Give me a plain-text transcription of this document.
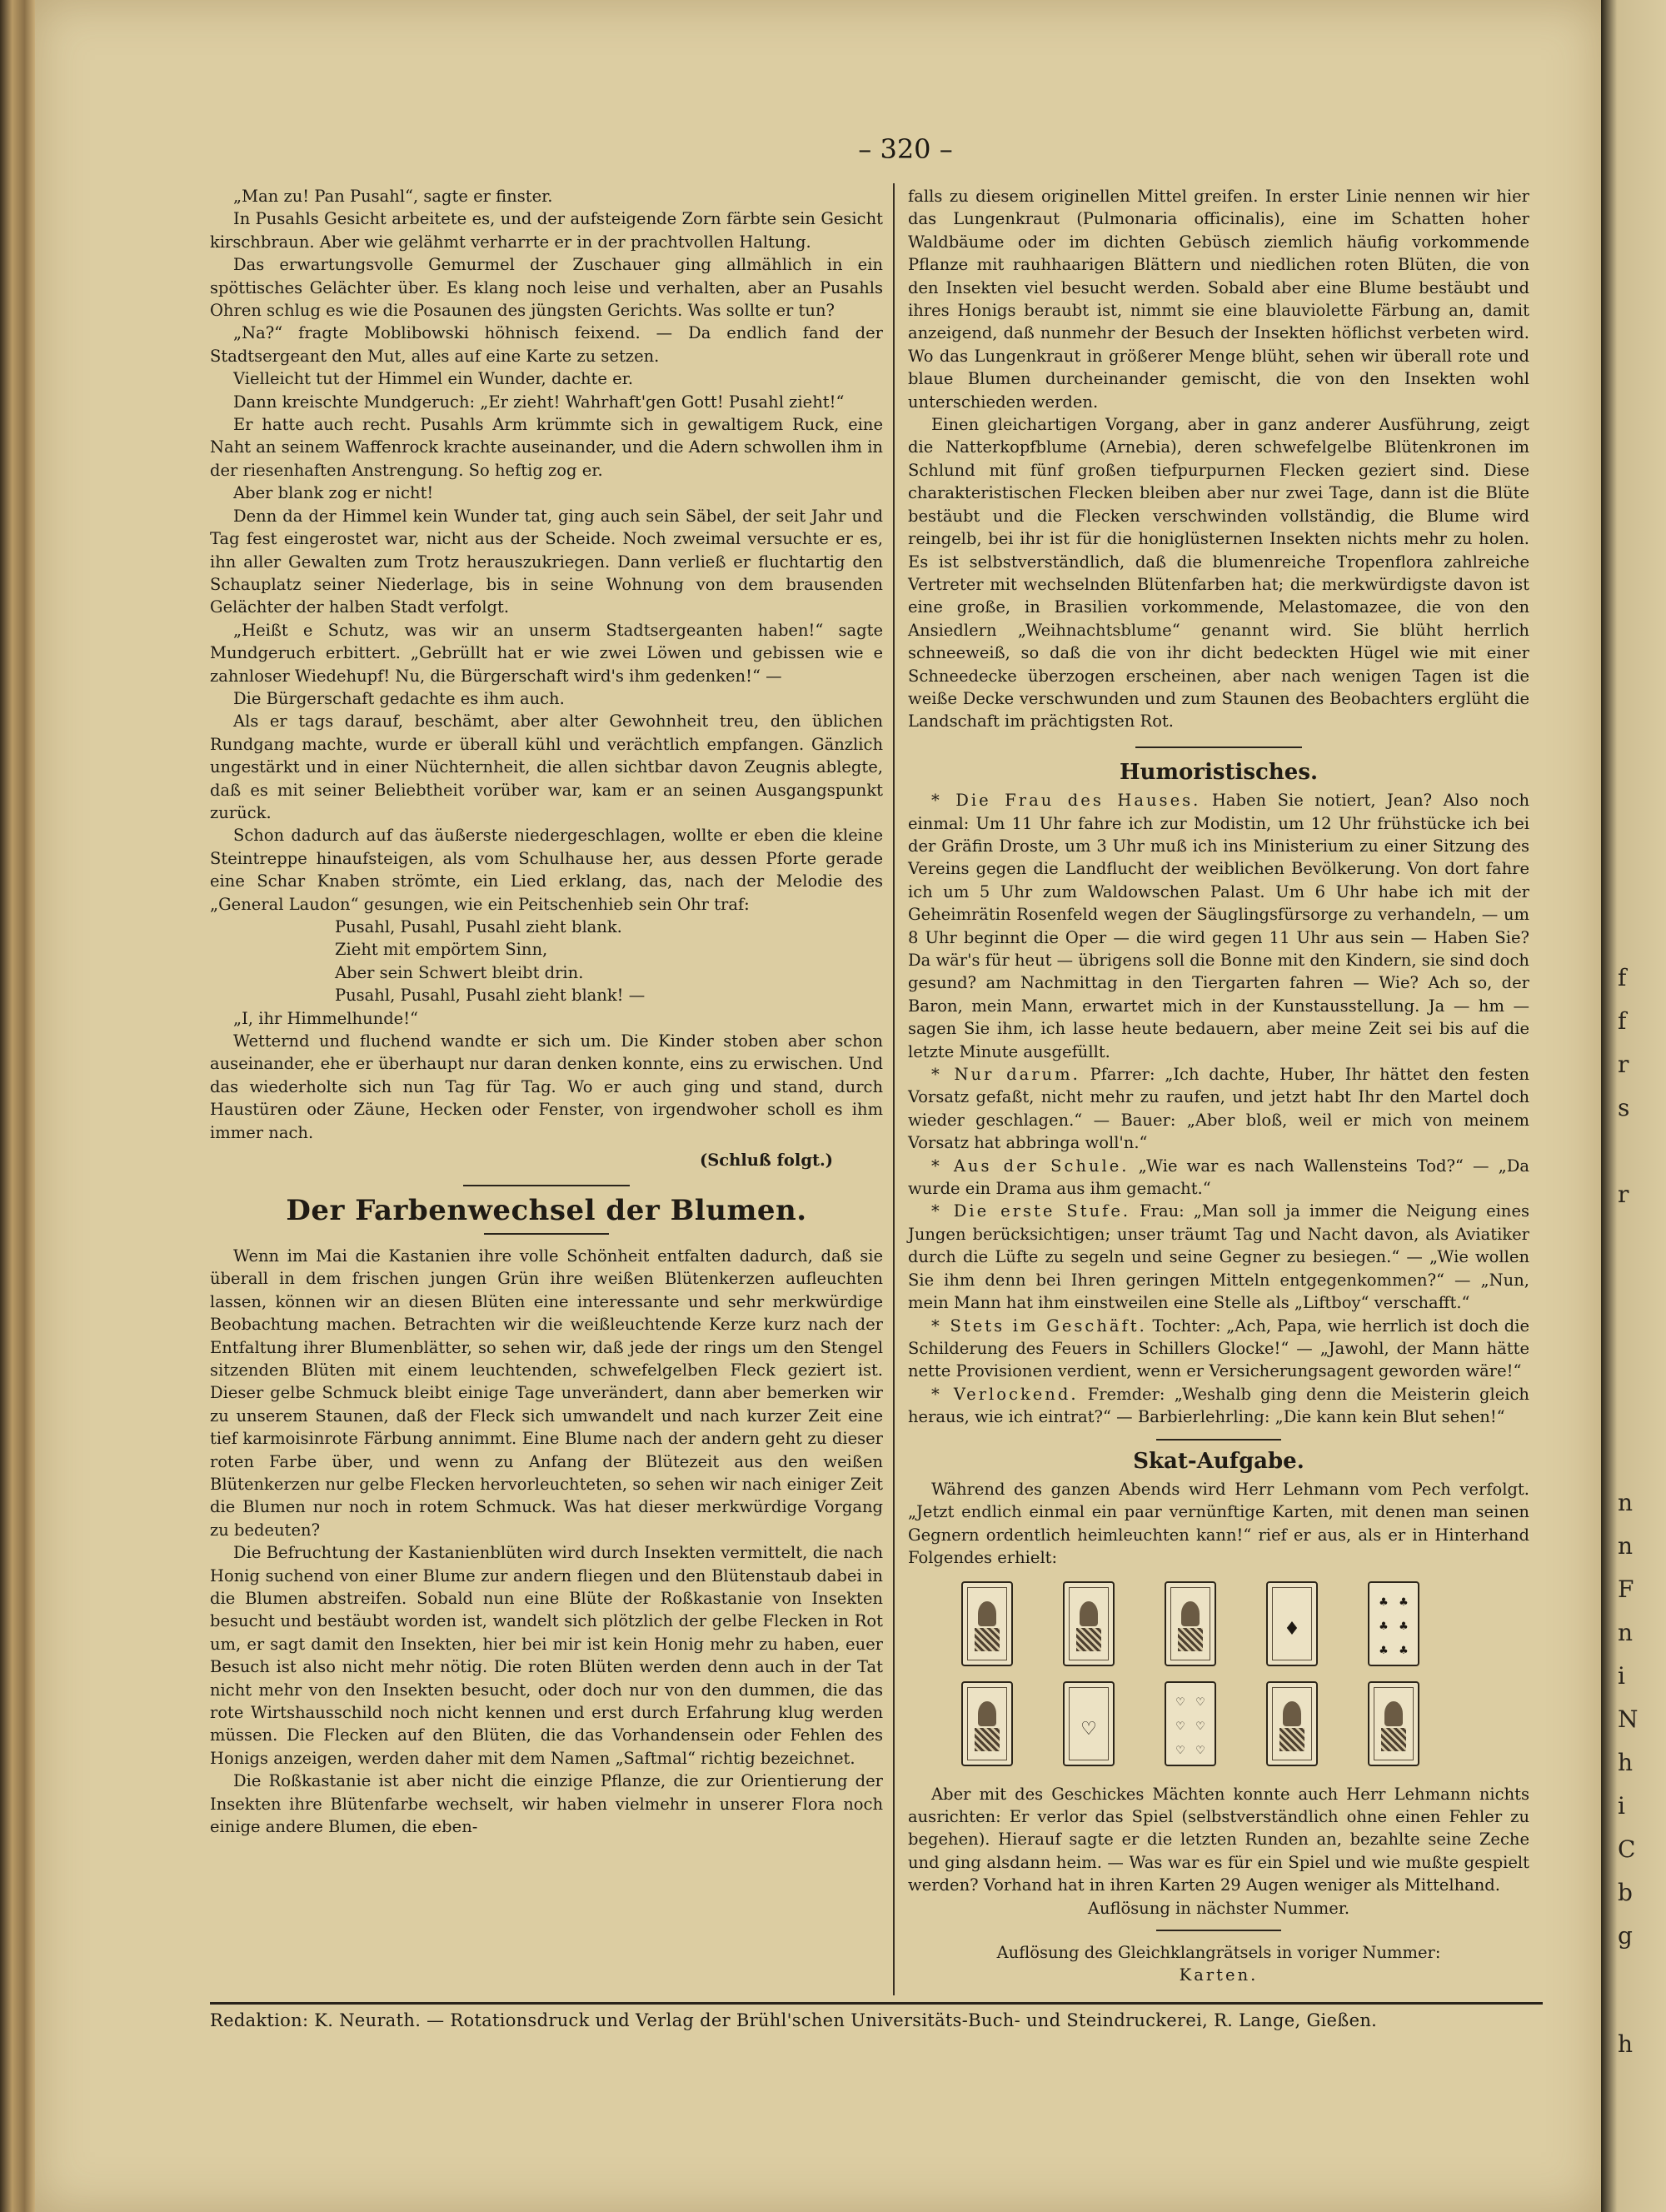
– 320 –

„Man zu! Pan Pusahl“, sagte er finster.

In Pusahls Gesicht arbeitete es, und der aufsteigende Zorn färbte sein Gesicht kirschbraun. Aber wie gelähmt verharrte er in der prachtvollen Haltung.

Das erwartungsvolle Gemurmel der Zuschauer ging allmählich in ein spöttisches Gelächter über. Es klang noch leise und verhalten, aber an Pusahls Ohren schlug es wie die Posaunen des jüngsten Gerichts. Was sollte er tun?

„Na?“ fragte Moblibowski höhnisch feixend. — Da endlich fand der Stadtsergeant den Mut, alles auf eine Karte zu setzen.

Vielleicht tut der Himmel ein Wunder, dachte er.

Dann kreischte Mundgeruch: „Er zieht! Wahrhaft'gen Gott! Pusahl zieht!“

Er hatte auch recht. Pusahls Arm krümmte sich in gewaltigem Ruck, eine Naht an seinem Waffenrock krachte auseinander, und die Adern schwollen ihm in der riesenhaften Anstrengung. So heftig zog er.

Aber blank zog er nicht!

Denn da der Himmel kein Wunder tat, ging auch sein Säbel, der seit Jahr und Tag fest eingerostet war, nicht aus der Scheide. Noch zweimal versuchte er es, ihn aller Gewalten zum Trotz herauszukriegen. Dann verließ er fluchtartig den Schauplatz seiner Niederlage, bis in seine Wohnung von dem brausenden Gelächter der halben Stadt verfolgt.

„Heißt e Schutz, was wir an unserm Stadtsergeanten haben!“ sagte Mundgeruch erbittert. „Gebrüllt hat er wie zwei Löwen und gebissen wie e zahnloser Wiedehupf! Nu, die Bürgerschaft wird's ihm gedenken!“ —

Die Bürgerschaft gedachte es ihm auch.

Als er tags darauf, beschämt, aber alter Gewohnheit treu, den üblichen Rundgang machte, wurde er überall kühl und verächtlich empfangen. Gänzlich ungestärkt und in einer Nüchternheit, die allen sichtbar davon Zeugnis ablegte, daß es mit seiner Beliebtheit vorüber war, kam er an seinen Ausgangspunkt zurück.

Schon dadurch auf das äußerste niedergeschlagen, wollte er eben die kleine Steintreppe hinaufsteigen, als vom Schulhause her, aus dessen Pforte gerade eine Schar Knaben strömte, ein Lied erklang, das, nach der Melodie des „General Laudon“ gesungen, wie ein Peitschenhieb sein Ohr traf:

Pusahl, Pusahl, Pusahl zieht blank.
Zieht mit empörtem Sinn,
Aber sein Schwert bleibt drin.
Pusahl, Pusahl, Pusahl zieht blank! —

„I, ihr Himmelhunde!“

Wetternd und fluchend wandte er sich um. Die Kinder stoben aber schon auseinander, ehe er überhaupt nur daran denken konnte, eins zu erwischen. Und das wiederholte sich nun Tag für Tag. Wo er auch ging und stand, durch Haustüren oder Zäune, Hecken oder Fenster, von irgendwoher scholl es ihm immer nach.

(Schluß folgt.)

Der Farbenwechsel der Blumen.

Wenn im Mai die Kastanien ihre volle Schönheit entfalten dadurch, daß sie überall in dem frischen jungen Grün ihre weißen Blütenkerzen aufleuchten lassen, können wir an diesen Blüten eine interessante und sehr merkwürdige Beobachtung machen. Betrachten wir die weißleuchtende Kerze kurz nach der Entfaltung ihrer Blumenblätter, so sehen wir, daß jede der rings um den Stengel sitzenden Blüten mit einem leuchtenden, schwefelgelben Fleck geziert ist. Dieser gelbe Schmuck bleibt einige Tage unverändert, dann aber bemerken wir zu unserem Staunen, daß der Fleck sich umwandelt und nach kurzer Zeit eine tief karmoisinrote Färbung annimmt. Eine Blume nach der andern geht zu dieser roten Farbe über, und wenn zu Anfang der Blütezeit aus den weißen Blütenkerzen nur gelbe Flecken hervorleuchteten, so sehen wir nach einiger Zeit die Blumen nur noch in rotem Schmuck. Was hat dieser merkwürdige Vorgang zu bedeuten?

Die Befruchtung der Kastanienblüten wird durch Insekten vermittelt, die nach Honig suchend von einer Blume zur andern fliegen und den Blütenstaub dabei in die Blumen abstreifen. Sobald nun eine Blüte der Roßkastanie von Insekten besucht und bestäubt worden ist, wandelt sich plötzlich der gelbe Flecken in Rot um, er sagt damit den Insekten, hier bei mir ist kein Honig mehr zu haben, euer Besuch ist also nicht mehr nötig. Die roten Blüten werden denn auch in der Tat nicht mehr von den Insekten besucht, oder doch nur von den dummen, die das rote Wirtshausschild noch nicht kennen und erst durch Erfahrung klug werden müssen. Die Flecken auf den Blüten, die das Vorhandensein oder Fehlen des Honigs anzeigen, werden daher mit dem Namen „Saftmal“ richtig bezeichnet.

Die Roßkastanie ist aber nicht die einzige Pflanze, die zur Orientierung der Insekten ihre Blütenfarbe wechselt, wir haben vielmehr in unserer Flora noch einige andere Blumen, die eben-

falls zu diesem originellen Mittel greifen. In erster Linie nennen wir hier das Lungenkraut (Pulmonaria officinalis), eine im Schatten hoher Waldbäume oder im dichten Gebüsch ziemlich häufig vorkommende Pflanze mit rauhhaarigen Blättern und niedlichen roten Blüten, die von den Insekten viel besucht werden. Sobald aber eine Blume bestäubt und ihres Honigs beraubt ist, nimmt sie eine blauviolette Färbung an, damit anzeigend, daß nunmehr der Besuch der Insekten höflichst verbeten wird. Wo das Lungenkraut in größerer Menge blüht, sehen wir überall rote und blaue Blumen durcheinander gemischt, die von den Insekten wohl unterschieden werden.

Einen gleichartigen Vorgang, aber in ganz anderer Ausführung, zeigt die Natterkopfblume (Arnebia), deren schwefelgelbe Blütenkronen im Schlund mit fünf großen tiefpurpurnen Flecken geziert sind. Diese charakteristischen Flecken bleiben aber nur zwei Tage, dann ist die Blüte bestäubt und die Flecken verschwinden vollständig, die Blume wird reingelb, bei ihr ist für die honiglüsternen Insekten nichts mehr zu holen. Es ist selbstverständlich, daß die blumenreiche Tropenflora zahlreiche Vertreter mit wechselnden Blütenfarben hat; die merkwürdigste davon ist eine große, in Brasilien vorkommende, Melastomazee, die von den Ansiedlern „Weihnachtsblume“ genannt wird. Sie blüht herrlich schneeweiß, so daß die von ihr dicht bedeckten Hügel wie mit einer Schneedecke überzogen erscheinen, aber nach wenigen Tagen ist die weiße Decke verschwunden und zum Staunen des Beobachters erglüht die Landschaft im prächtigsten Rot.

Humoristisches.

* Die Frau des Hauses. Haben Sie notiert, Jean? Also noch einmal: Um 11 Uhr fahre ich zur Modistin, um 12 Uhr frühstücke ich bei der Gräfin Droste, um 3 Uhr muß ich ins Ministerium zu einer Sitzung des Vereins gegen die Landflucht der weiblichen Bevölkerung. Von dort fahre ich um 5 Uhr zum Waldowschen Palast. Um 6 Uhr habe ich mit der Geheimrätin Rosenfeld wegen der Säuglingsfürsorge zu verhandeln, — um 8 Uhr beginnt die Oper — die wird gegen 11 Uhr aus sein — Haben Sie? Da wär's für heut — übrigens soll die Bonne mit den Kindern, sie sind doch gesund? am Nachmittag in den Tiergarten fahren — Wie? Ach so, der Baron, mein Mann, erwartet mich in der Kunstausstellung. Ja — hm — sagen Sie ihm, ich lasse heute bedauern, aber meine Zeit sei bis auf die letzte Minute ausgefüllt.

* Nur darum. Pfarrer: „Ich dachte, Huber, Ihr hättet den festen Vorsatz gefaßt, nicht mehr zu raufen, und jetzt habt Ihr den Martel doch wieder geschlagen.“ — Bauer: „Aber bloß, weil er mich von meinem Vorsatz hat abbringa woll'n.“

* Aus der Schule. „Wie war es nach Wallensteins Tod?“ — „Da wurde ein Drama aus ihm gemacht.“

* Die erste Stufe. Frau: „Man soll ja immer die Neigung eines Jungen berücksichtigen; unser träumt Tag und Nacht davon, als Aviatiker durch die Lüfte zu segeln und seine Gegner zu besiegen.“ — „Wie wollen Sie ihm denn bei Ihren geringen Mitteln entgegenkommen?“ — „Nun, mein Mann hat ihm einstweilen eine Stelle als „Liftboy“ verschafft.“

* Stets im Geschäft. Tochter: „Ach, Papa, wie herrlich ist doch die Schilderung des Feuers in Schillers Glocke!“ — „Jawohl, der Mann hätte nette Provisionen verdient, wenn er Versicherungsagent geworden wäre!“

* Verlockend. Fremder: „Weshalb ging denn die Meisterin gleich heraus, wie ich eintrat?“ — Barbierlehrling: „Die kann kein Blut sehen!“

Skat-Aufgabe.

Während des ganzen Abends wird Herr Lehmann vom Pech verfolgt. „Jetzt endlich einmal ein paar vernünftige Karten, mit denen man seinen Gegnern ordentlich heimleuchten kann!“ rief er aus, als er in Hinterhand Folgendes erhielt:

♦
♣ ♣
♣ ♣
♣ ♣
♡
♡ ♡
♡ ♡
♡ ♡

Aber mit des Geschickes Mächten konnte auch Herr Lehmann nichts ausrichten: Er verlor das Spiel (selbstverständlich ohne einen Fehler zu begehen). Hierauf sagte er die letzten Runden an, bezahlte seine Zeche und ging alsdann heim. — Was war es für ein Spiel und wie mußte gespielt werden? Vorhand hat in ihren Karten 29 Augen weniger als Mittelhand.

Auflösung in nächster Nummer.

Auflösung des Gleichklangrätsels in voriger Nummer:

Karten.

Redaktion: K. Neurath. — Rotationsdruck und Verlag der Brühl'schen Universitäts-Buch- und Steindruckerei, R. Lange, Gießen.
f
f
r
s
r
n
n
F
n
i
N
h
i
C
b
g
h
